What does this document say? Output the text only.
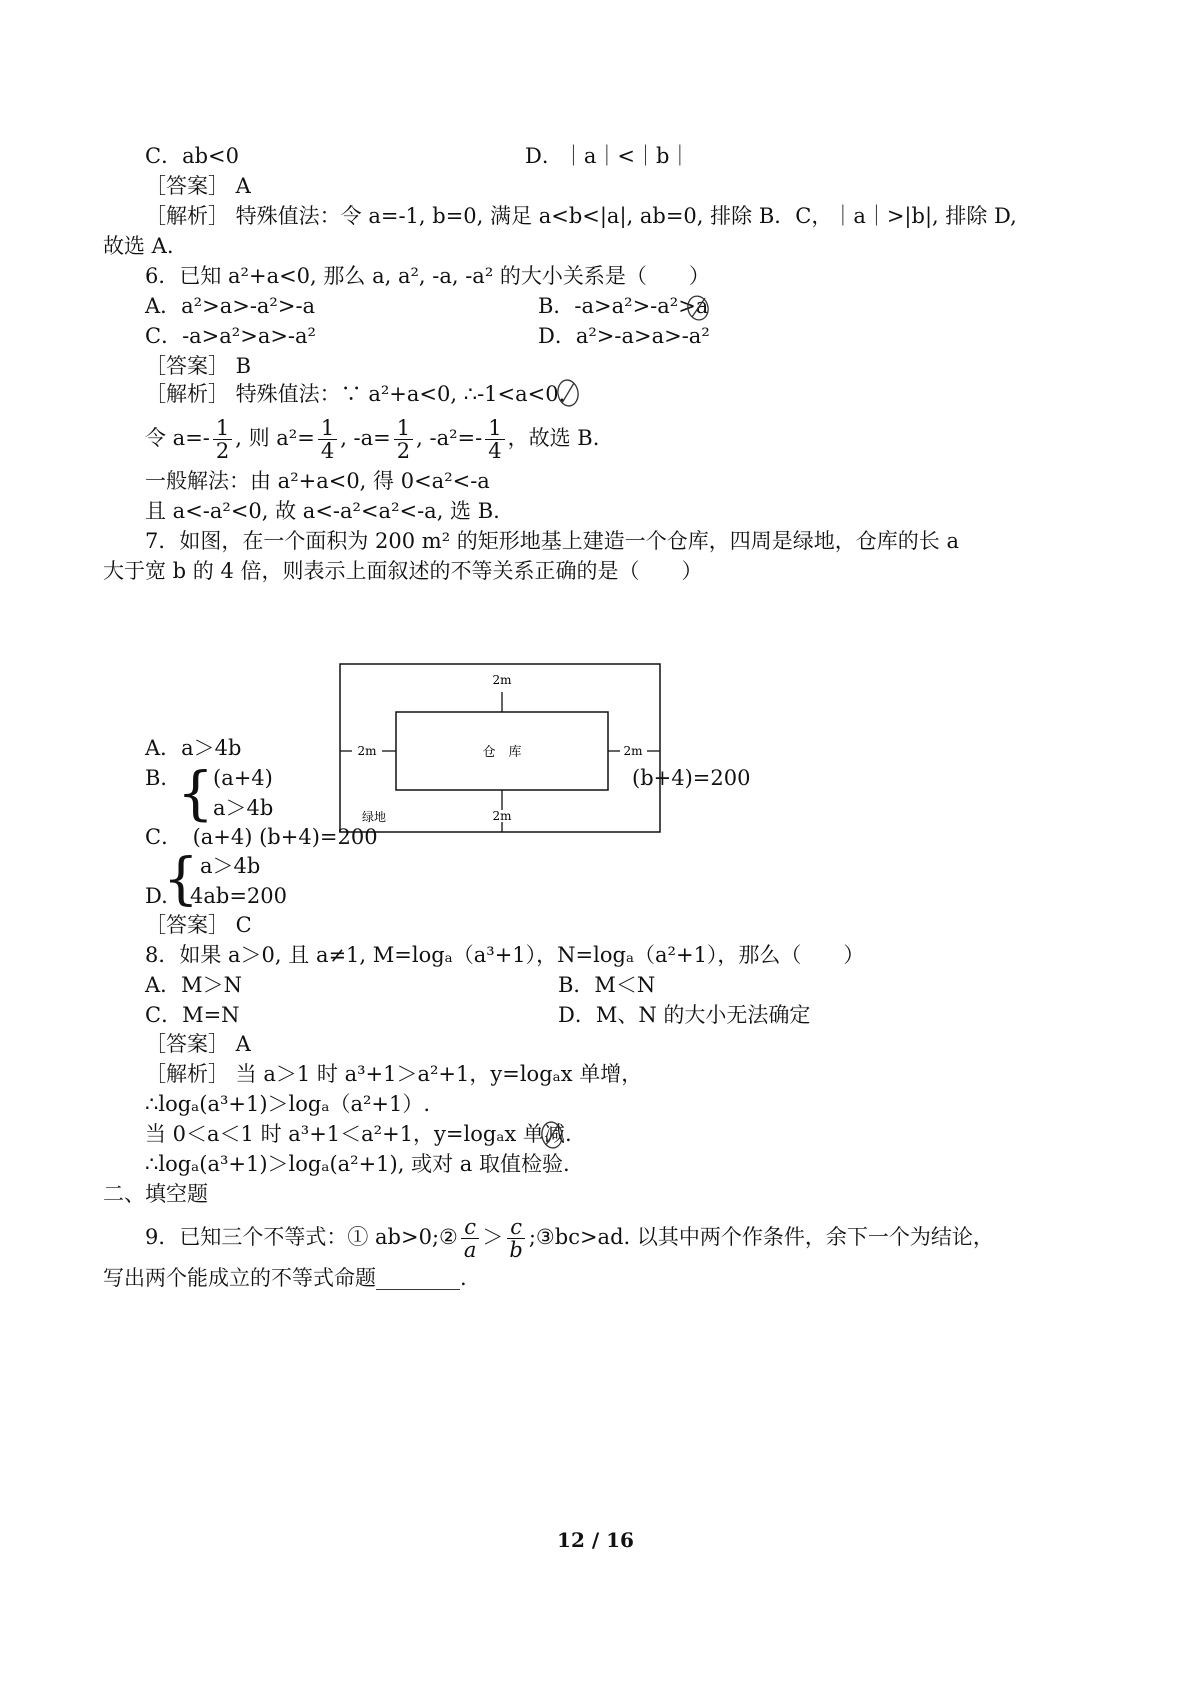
C．ab<0	D．｜a｜<｜b｜
［答案］ A
［解析］ 特殊值法：令 a=-1, b=0, 满足 a<b<|a|, ab=0, 排除 B．C，｜a｜>|b|, 排除 D,
故选 A.
6．已知 a²+a<0, 那么 a, a², -a, -a² 的大小关系是（　　）
A．a²>a>-a²>-a	B．-a>a²>-a²>a
C．-a>a²>a>-a²	D．a²>-a>a>-a²
［答案］ B
［解析］ 特殊值法：∵ a²+a<0, ∴-1<a<0.
令 $a=- \frac{1}{2}$ , 则 $a^2= \frac{1}{4}$ , $-a= \frac{1}{2}$ , $-a^2=- \frac{1}{4}$ ，故选 B.
一般解法：由 a²+a<0, 得 0<a²<-a
且 a<-a²<0, 故 a<-a²<a²<-a, 选 B.
7．如图，在一个面积为 200 m² 的矩形地基上建造一个仓库，四周是绿地，仓库的长 a
大于宽 b 的 4 倍，则表示上面叙述的不等关系正确的是（　　）
2m
2m	2m
2m
仓　库
绿地
A．a＞4b
B．
{ (a+4)	(b+4)=200
a＞4b
C．　(a+4) (b+4)=200
a＞4b
D.
{
4ab=200
［答案］ C
8．如果 a＞0, 且 a≠1, M=logₐ（a³+1），N=logₐ（a²+1），那么（　　）
A．M＞N	B．M＜N
C．M=N	D．M、N 的大小无法确定
［答案］ A
［解析］ 当 a＞1 时 a³+1＞a²+1，y=logₐx 单增，
∴logₐ(a³+1)＞logₐ（a²+1）.
当 0＜a＜1 时 a³+1＜a²+1，y=logₐx 单减.
∴logₐ(a³+1)＞logₐ(a²+1), 或对 a 取值检验.
二、填空题
9．已知三个不等式：① ab>0;② $\frac{c}{a} > \frac{c}{b}$ ;③bc>ad. 以其中两个作条件，余下一个为结论，
写出两个能成立的不等式命题________.
12 / 16
